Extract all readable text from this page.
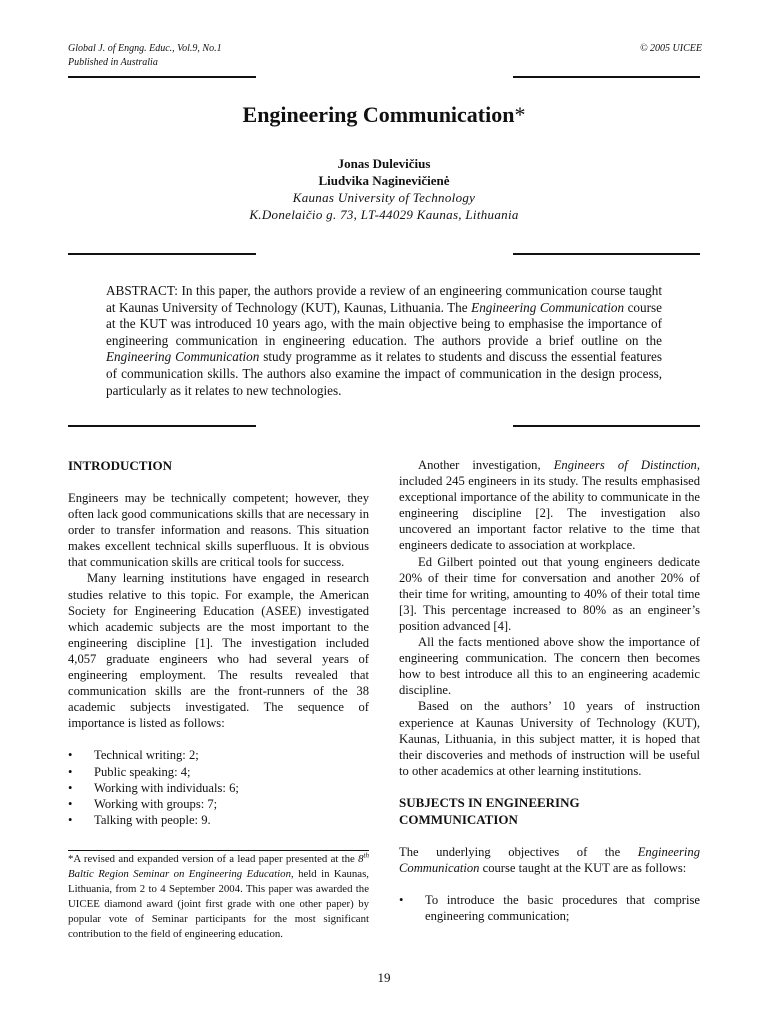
Global J. of Engng. Educ., Vol.9, No.1
Published in Australia
© 2005 UICEE
Engineering Communication*
Jonas Dulevičius
Liudvika Naginevičienė
Kaunas University of Technology
K.Donelaičio g. 73, LT-44029 Kaunas, Lithuania
ABSTRACT: In this paper, the authors provide a review of an engineering communication course taught at Kaunas University of Technology (KUT), Kaunas, Lithuania. The Engineering Communication course at the KUT was introduced 10 years ago, with the main objective being to emphasise the importance of engineering communication in engineering education. The authors provide a brief outline on the Engineering Communication study programme as it relates to students and discuss the essential features of communication skills. The authors also examine the impact of communication in the design process, particularly as it relates to new technologies.

INTRODUCTION

Engineers may be technically competent; however, they often lack good communications skills that are necessary in order to transfer information and reasons. This situation makes excellent technical skills superfluous. It is obvious that communication skills are critical tools for success.

Many learning institutions have engaged in research studies relative to this topic. For example, the American Society for Engineering Education (ASEE) investigated which academic subjects are the most important to the engineering discipline [1]. The investigation included 4,057 graduate engineers who had several years of engineering employment. The results revealed that communication skills are the front-runners of the 38 academic subjects investigated. The sequence of importance is listed as follows:

• Technical writing: 2;
• Public speaking: 4;
• Working with individuals: 6;
• Working with groups: 7;
• Talking with people: 9.
*A revised and expanded version of a lead paper presented at the 8th Baltic Region Seminar on Engineering Education, held in Kaunas, Lithuania, from 2 to 4 September 2004. This paper was awarded the UICEE diamond award (joint first grade with one other paper) by popular vote of Seminar participants for the most significant contribution to the field of engineering education.

Another investigation, Engineers of Distinction, included 245 engineers in its study. The results emphasised exceptional importance of the ability to communicate in the engineering discipline [2]. The investigation also uncovered an important factor relative to the time that engineers dedicate to association at workplace.

Ed Gilbert pointed out that young engineers dedicate 20% of their time for conversation and another 20% of their time for writing, amounting to 40% of their total time [3]. This percentage increased to 80% as an engineer’s position advanced [4].

All the facts mentioned above show the importance of engineering communication. The concern then becomes how to best introduce all this to an engineering academic discipline.

Based on the authors’ 10 years of instruction experience at Kaunas University of Technology (KUT), Kaunas, Lithuania, in this subject matter, it is hoped that their discoveries and methods of instruction will be useful to other academics at other learning institutions.

SUBJECTS IN ENGINEERING COMMUNICATION

The underlying objectives of the Engineering Communication course taught at the KUT are as follows:

• To introduce the basic procedures that comprise engineering communication;
19
